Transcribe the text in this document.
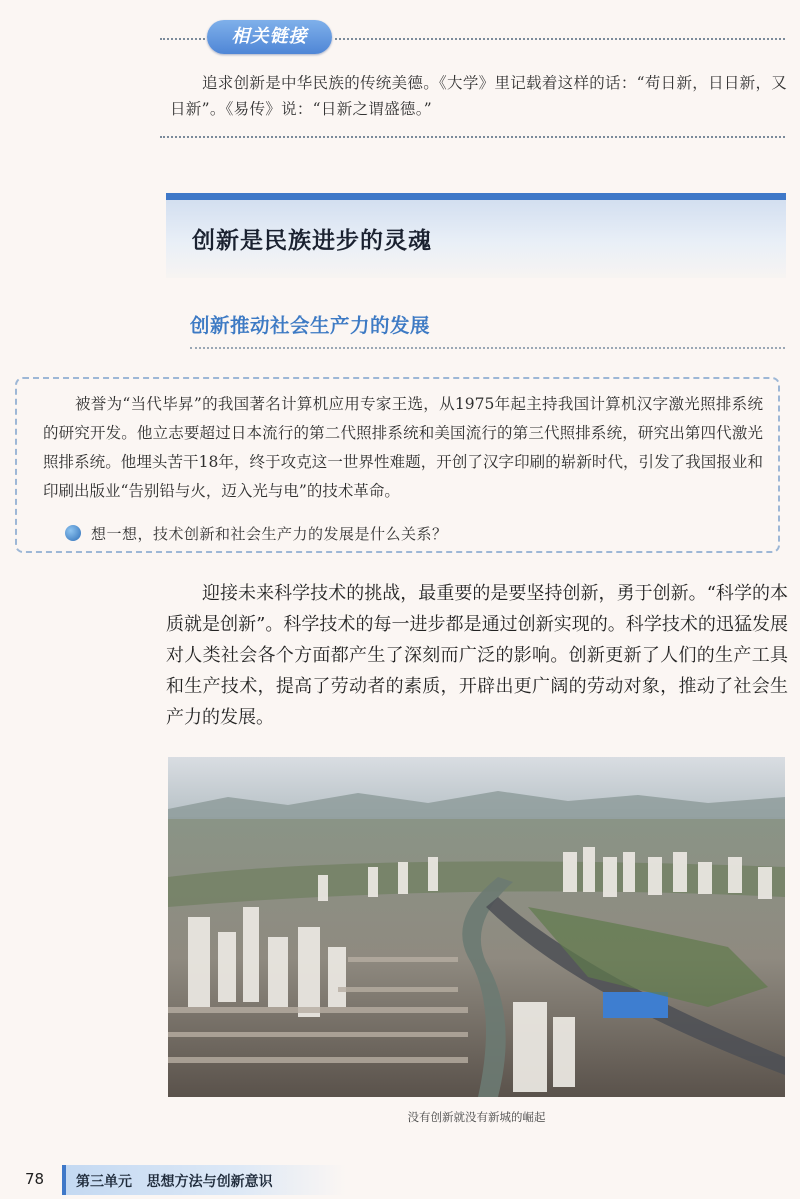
相关链接
追求创新是中华民族的传统美德。《大学》里记载着这样的话：“苟日新，日日新，又日新”。《易传》说：“日新之谓盛德。”
创新是民族进步的灵魂
创新推动社会生产力的发展
被誉为“当代毕昇”的我国著名计算机应用专家王选，从1975年起主持我国计算机汉字激光照排系统的研究开发。他立志要超过日本流行的第二代照排系统和美国流行的第三代照排系统，研究出第四代激光照排系统。他埋头苦干18年，终于攻克这一世界性难题，开创了汉字印刷的崭新时代，引发了我国报业和印刷出版业“告别铅与火，迈入光与电”的技术革命。
想一想，技术创新和社会生产力的发展是什么关系？
迎接未来科学技术的挑战，最重要的是要坚持创新，勇于创新。“科学的本质就是创新”。科学技术的每一进步都是通过创新实现的。科学技术的迅猛发展对人类社会各个方面都产生了深刻而广泛的影响。创新更新了人们的生产工具和生产技术，提高了劳动者的素质，开辟出更广阔的劳动对象，推动了社会生产力的发展。
没有创新就没有新城的崛起
78 第三单元   思想方法与创新意识
